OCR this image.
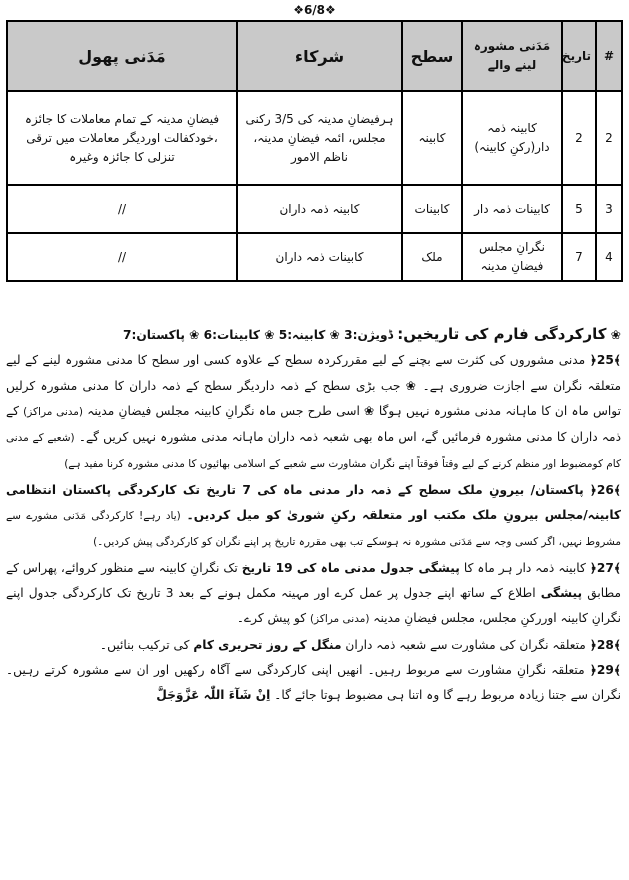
❖6/8❖
#	تاریخ	مَدَنی مشورہ لینے والے	سطح	شرکاء	مَدَنی پھول
2	2	کابینہ ذمہ دار(رکنِ کابینہ)	کابینہ	ہرفیضانِ مدینہ کی 3/5 رکنی مجلس، ائمہ فیضانِ مدینہ، ناظم الامور	فیضانِ مدینہ کے تمام معاملات کا جائزہ ،خودکفالت اوردیگر معاملات میں ترقی تنزلی کا جائزہ وغیرہ
3	5	کابینات ذمہ دار	کابینات	کابینہ ذمہ داران	//
4	7	نگرانِ مجلس فیضانِ مدینہ	ملک	کابینات ذمہ داران	//

❀ کارکردگی فارم کی تاریخیں: ڈویژن:3 ❀ کابینہ:5 ❀ کابینات:6 ❀ پاکستان:7

﴾25﴿ مدنی مشوروں کی کثرت سے بچنے کے لیے مقررکردہ سطح کے علاوہ کسی اور سطح کا مدنی مشورہ لینے کے لیے متعلقہ نگران سے اجازت ضروری ہے۔ ❀ جب بڑی سطح کے ذمہ داردیگر سطح کے ذمہ داران کا مدنی مشورہ کرلیں تواس ماہ ان کا ماہانہ مدنی مشورہ نہیں ہوگا ❀ اسی طرح جس ماہ نگرانِ کابینہ مجلس فیضانِ مدینہ (مدنی مراکز) کے ذمہ داران کا مدنی مشورہ فرمائیں گے، اس ماہ بھی شعبہ ذمہ داران ماہانہ مدنی مشورہ نہیں کریں گے۔ (شعبے کے مدنی کام کومضبوط اور منظم کرنے کے لیے وقتاً فوقتاً اپنے نگران مشاورت سے شعبے کے اسلامی بھائیوں کا مدنی مشورہ کرنا مفید ہے)

﴾26﴿ پاکستان/ بیرونِ ملک سطح کے ذمہ دار مدنی ماہ کی 7 تاریخ تک کارکردگی پاکستان انتظامی کابینہ/مجلس بیرونِ ملک مکتب اور متعلقہ رکنِ شوریٰ کو میل کردیں۔ (یاد رہے! کارکردگی مَدَنی مشورے سے مشروط نہیں، اگر کسی وجہ سے مَدَنی مشورہ نہ ہوسکے تب بھی مقررہ تاریخ پر اپنے نگران کو کارکردگی پیش کردیں۔)

﴾27﴿ کابینہ ذمہ دار ہر ماہ کا پیشگی جدول مدنی ماہ کی 19 تاریخ تک نگرانِ کابینہ سے منظور کروائے، پھراس کے مطابق پیشگی اطلاع کے ساتھ اپنے جدول پر عمل کرے اور مہینہ مکمل ہونے کے بعد 3 تاریخ تک کارکردگی جدول اپنے نگرانِ کابینہ اوررکنِ مجلس، مجلس فیضانِ مدینہ (مدنی مراکز) کو پیش کرے۔

﴾28﴿ متعلقہ نگران کی مشاورت سے شعبہ ذمہ داران منگل کے روز تحریری کام کی ترکیب بنائیں۔

﴾29﴿ متعلقہ نگرانِ مشاورت سے مربوط رہیں۔ انھیں اپنی کارکردگی سے آگاہ رکھیں اور ان سے مشورہ کرتے رہیں۔ نگران سے جتنا زیادہ مربوط رہے گا وہ اتنا ہی مضبوط ہوتا جائے گا۔ اِنْ شَآءَ اللّٰہ عَزَّوَجَلَّ
